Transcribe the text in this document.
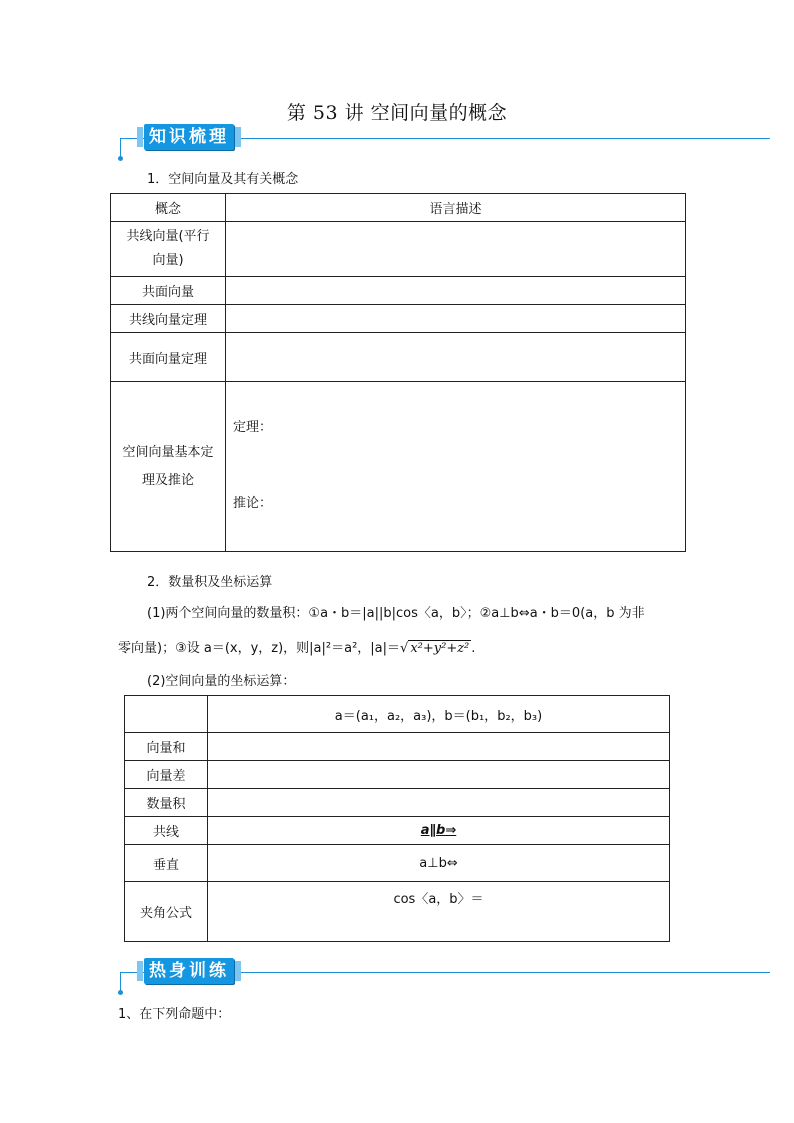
第 53 讲 空间向量的概念
知识梳理
1．空间向量及其有关概念
概念	语言描述
共线向量(平行
向量)	
共面向量	
共线向量定理	
共面向量定理	
空间向量基本定
理及推论	定理：
推论：
2．数量积及坐标运算
(1)两个空间向量的数量积：①a・b＝|a||b|cos〈a，b〉；②a⊥b⇔a・b＝0(a，b 为非
零向量)；③设 a＝(x，y，z)，则|a|²＝a²，|a|＝√ x²+y²+z² .
(2)空间向量的坐标运算：
	a＝(a₁，a₂，a₃)，b＝(b₁，b₂，b₃)
向量和	
向量差	
数量积	
共线	a∥b⇒
垂直	a⊥b⇔
夹角公式	cos〈a，b〉＝
热身训练
1、在下列命题中：
